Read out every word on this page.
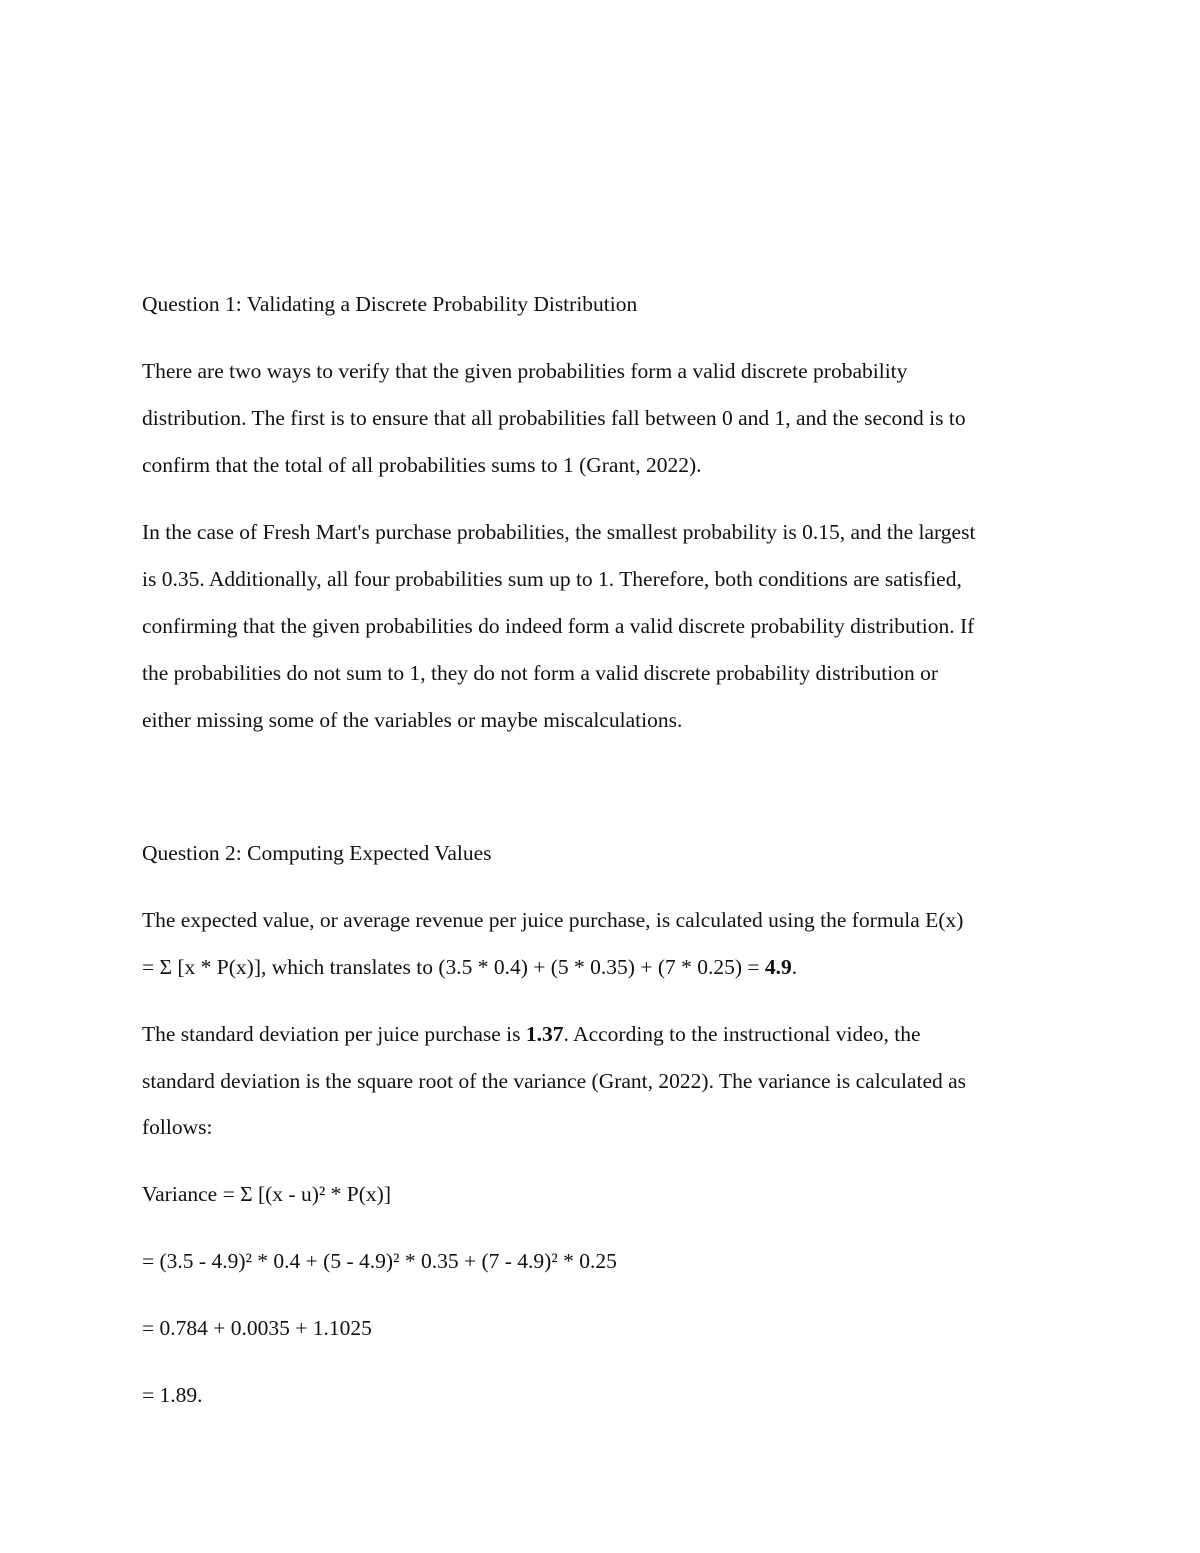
Question 1: Validating a Discrete Probability Distribution

There are two ways to verify that the given probabilities form a valid discrete probability

distribution. The first is to ensure that all probabilities fall between 0 and 1, and the second is to

confirm that the total of all probabilities sums to 1 (Grant, 2022).

In the case of Fresh Mart's purchase probabilities, the smallest probability is 0.15, and the largest

is 0.35. Additionally, all four probabilities sum up to 1. Therefore, both conditions are satisfied,

confirming that the given probabilities do indeed form a valid discrete probability distribution. If

the probabilities do not sum to 1, they do not form a valid discrete probability distribution or

either missing some of the variables or maybe miscalculations.

Question 2: Computing Expected Values

The expected value, or average revenue per juice purchase, is calculated using the formula E(x)

= Σ [x * P(x)], which translates to (3.5 * 0.4) + (5 * 0.35) + (7 * 0.25) = 4.9.

The standard deviation per juice purchase is 1.37. According to the instructional video, the

standard deviation is the square root of the variance (Grant, 2022). The variance is calculated as

follows:

Variance = Σ [(x - u)² * P(x)]

= (3.5 - 4.9)² * 0.4 + (5 - 4.9)² * 0.35 + (7 - 4.9)² * 0.25

= 0.784 + 0.0035 + 1.1025

= 1.89.
